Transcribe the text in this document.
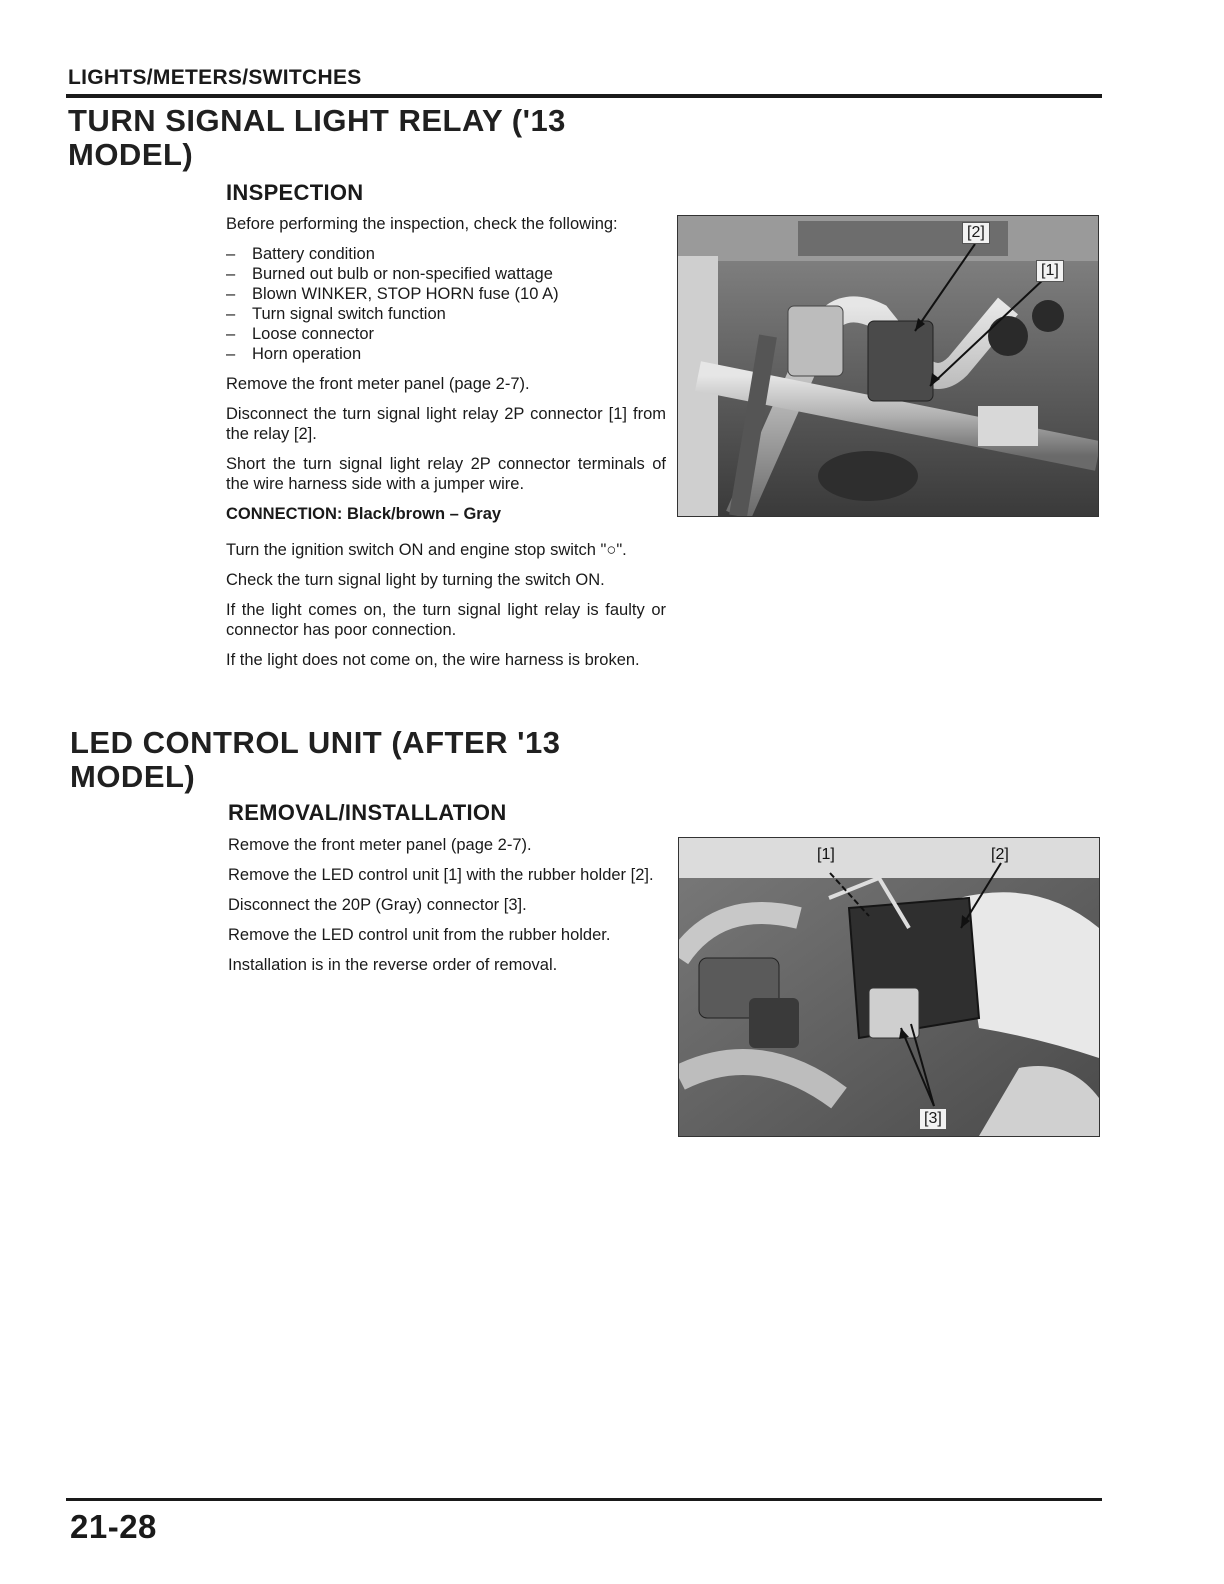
LIGHTS/METERS/SWITCHES
TURN SIGNAL LIGHT RELAY ('13
MODEL)
INSPECTION

Before performing the inspection, check the following:

– Battery condition
– Burned out bulb or non-specified wattage
– Blown WINKER, STOP HORN fuse (10 A)
– Turn signal switch function
– Loose connector
– Horn operation

Remove the front meter panel (page 2-7).

Disconnect the turn signal light relay 2P connector [1] from the relay [2].

Short the turn signal light relay 2P connector terminals of the wire harness side with a jumper wire.

CONNECTION: Black/brown – Gray

Turn the ignition switch ON and engine stop switch "○".

Check the turn signal light by turning the switch ON.

If the light comes on, the turn signal light relay is faulty or connector has poor connection.

If the light does not come on, the wire harness is broken.

[2]
[1]
LED CONTROL UNIT (AFTER '13
MODEL)
REMOVAL/INSTALLATION

Remove the front meter panel (page 2-7).

Remove the LED control unit [1] with the rubber holder [2].

Disconnect the 20P (Gray) connector [3].

Remove the LED control unit from the rubber holder.

Installation is in the reverse order of removal.

[1]	[2]
[3]
21-28
